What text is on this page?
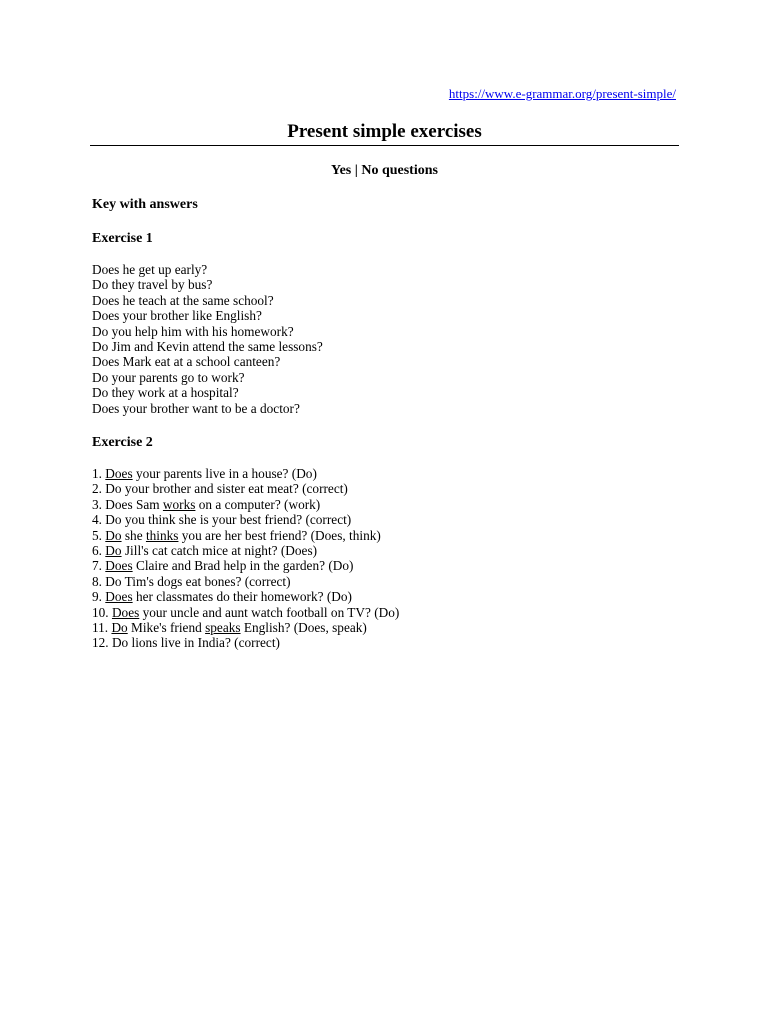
https://www.e-grammar.org/present-simple/
Present simple exercises
Yes | No questions
Key with answers
Exercise 1
Does he get up early?
Do they travel by bus?
Does he teach at the same school?
Does your brother like English?
Do you help him with his homework?
Do Jim and Kevin attend the same lessons?
Does Mark eat at a school canteen?
Do your parents go to work?
Do they work at a hospital?
Does your brother want to be a doctor?
Exercise 2
1. Does your parents live in a house? (Do)
2. Do your brother and sister eat meat? (correct)
3. Does Sam works on a computer? (work)
4. Do you think she is your best friend? (correct)
5. Do she thinks you are her best friend? (Does, think)
6. Do Jill's cat catch mice at night? (Does)
7. Does Claire and Brad help in the garden? (Do)
8. Do Tim's dogs eat bones? (correct)
9. Does her classmates do their homework? (Do)
10. Does your uncle and aunt watch football on TV? (Do)
11. Do Mike's friend speaks English? (Does, speak)
12. Do lions live in India? (correct)
